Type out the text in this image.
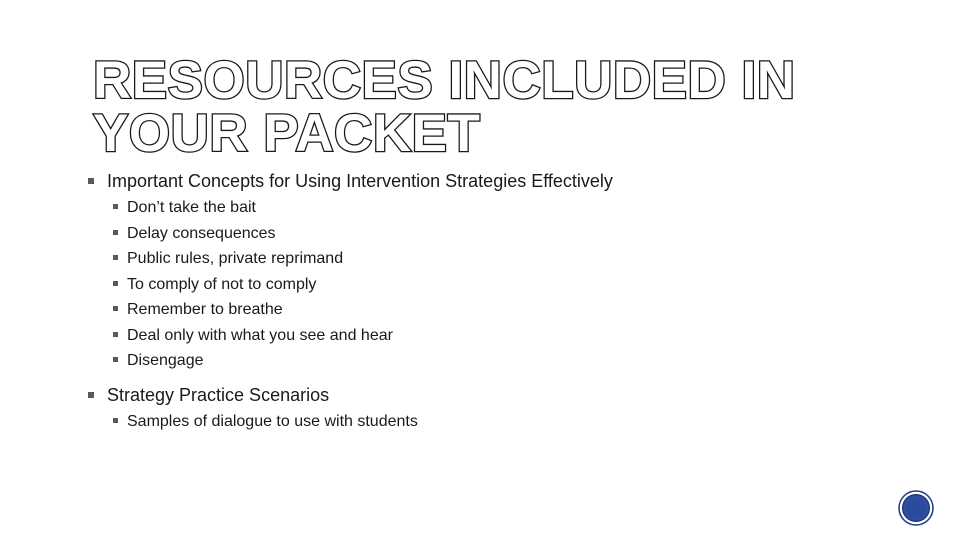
RESOURCES INCLUDED IN YOUR PACKET
Important Concepts for Using Intervention Strategies Effectively
Don’t take the bait
Delay consequences
Public rules, private reprimand
To comply of not to comply
Remember to breathe
Deal only with what you see and hear
Disengage
Strategy Practice Scenarios
Samples of dialogue to use with students
